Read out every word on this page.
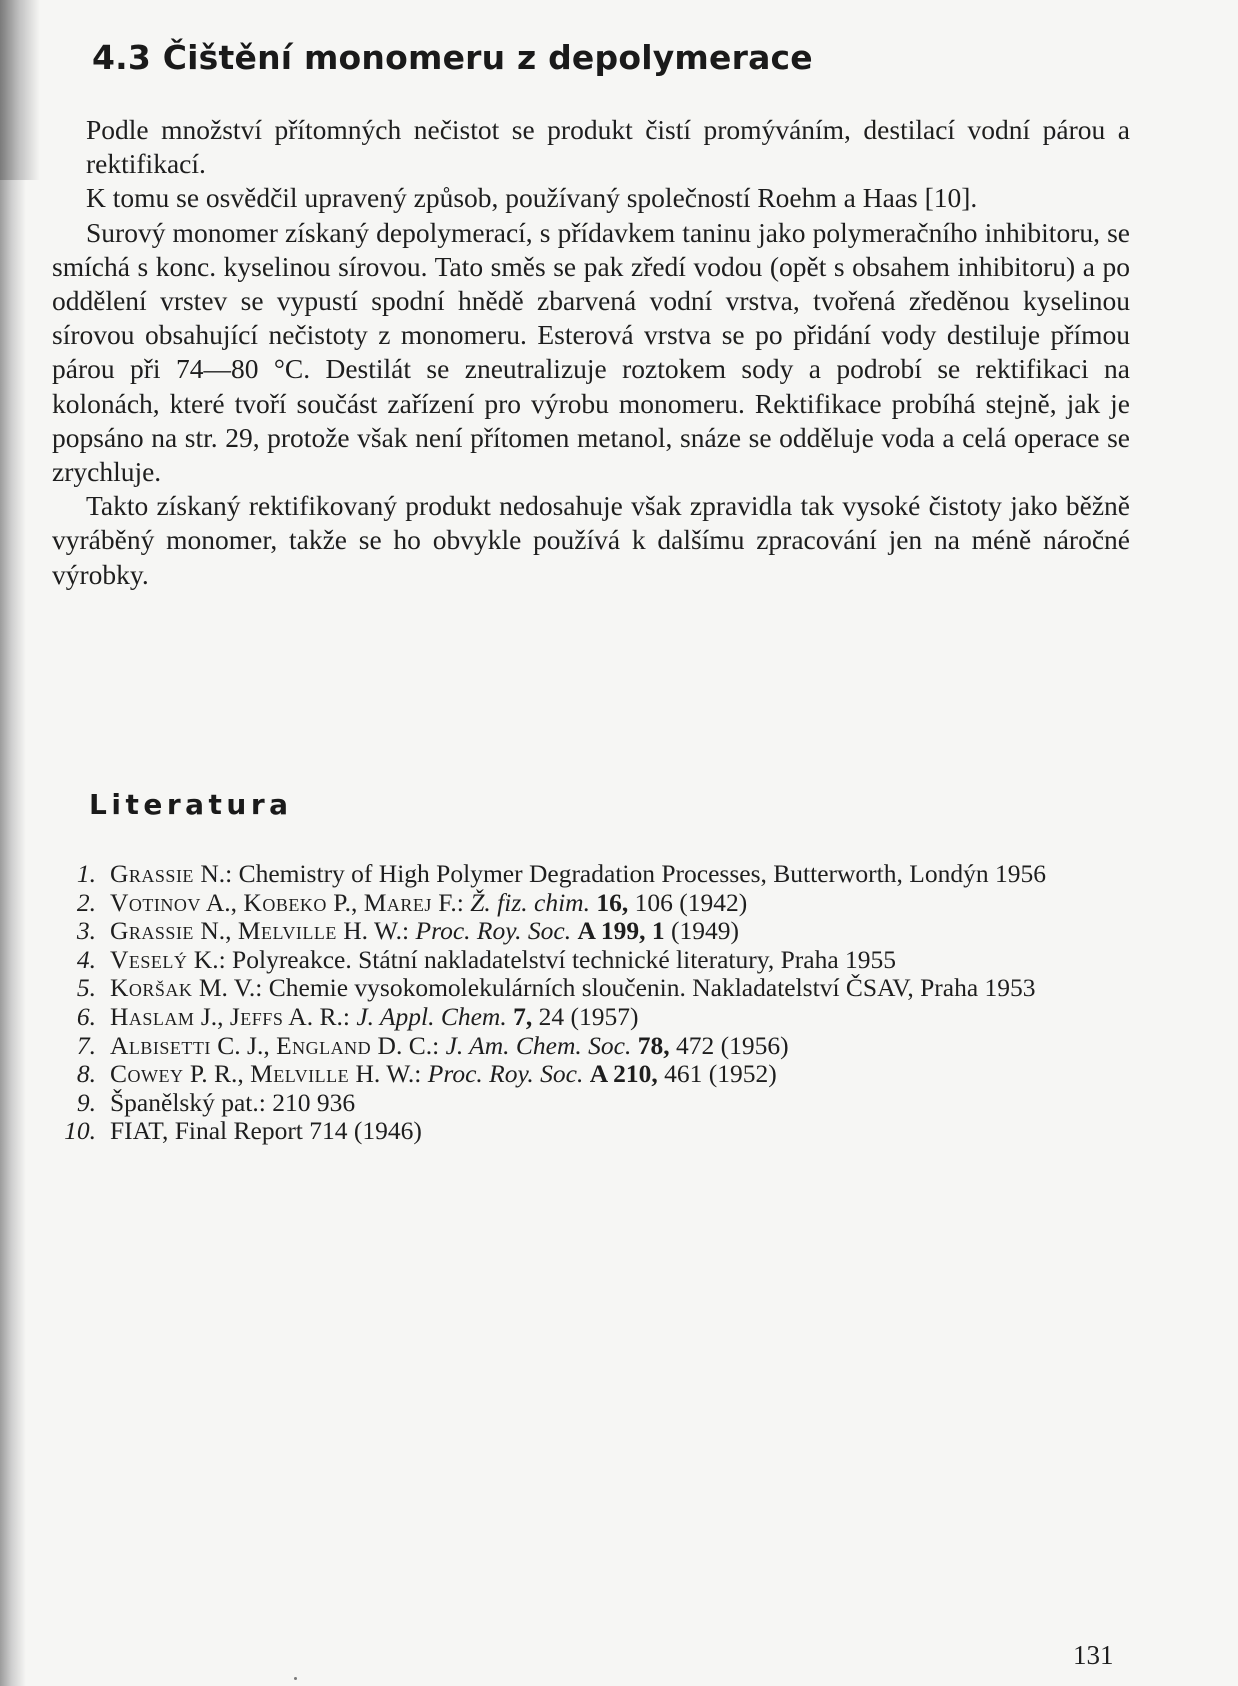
4.3 Čištění monomeru z depolymerace

Podle množství přítomných nečistot se produkt čistí promýváním, destilací vodní párou a rektifikací.

K tomu se osvědčil upravený způsob, používaný společností Roehm a Haas [10].

Surový monomer získaný depolymerací, s přídavkem taninu jako polymeračního inhibitoru, se smíchá s konc. kyselinou sírovou. Tato směs se pak zředí vodou (opět s obsahem inhibitoru) a po oddělení vrstev se vypustí spodní hnědě zbarvená vodní vrstva, tvořená zředěnou kyselinou sírovou obsahující nečistoty z monomeru. Esterová vrstva se po přidání vody destiluje přímou párou při 74—80 °C. Destilát se zneutralizuje roztokem sody a podrobí se rektifikaci na kolonách, které tvoří součást zařízení pro výrobu monomeru. Rektifikace probíhá stejně, jak je popsáno na str. 29, protože však není přítomen metanol, snáze se odděluje voda a celá operace se zrychluje.

Takto získaný rektifikovaný produkt nedosahuje však zpravidla tak vysoké čistoty jako běžně vyráběný monomer, takže se ho obvykle používá k dalšímu zpracování jen na méně náročné výrobky.

Literatura
1. Grassie N.: Chemistry of High Polymer Degradation Processes, Butterworth, Londýn 1956
2. Votinov A., Kobeko P., Marej F.: Ž. fiz. chim. 16, 106 (1942)
3. Grassie N., Melville H. W.: Proc. Roy. Soc. A 199, 1 (1949)
4. Veselý K.: Polyreakce. Státní nakladatelství technické literatury, Praha 1955
5. Koršak M. V.: Chemie vysokomolekulárních sloučenin. Nakladatelství ČSAV, Praha 1953
6. Haslam J., Jeffs A. R.: J. Appl. Chem. 7, 24 (1957)
7. Albisetti C. J., England D. C.: J. Am. Chem. Soc. 78, 472 (1956)
8. Cowey P. R., Melville H. W.: Proc. Roy. Soc. A 210, 461 (1952)
9. Španělský pat.: 210 936
10. FIAT, Final Report 714 (1946)
131
